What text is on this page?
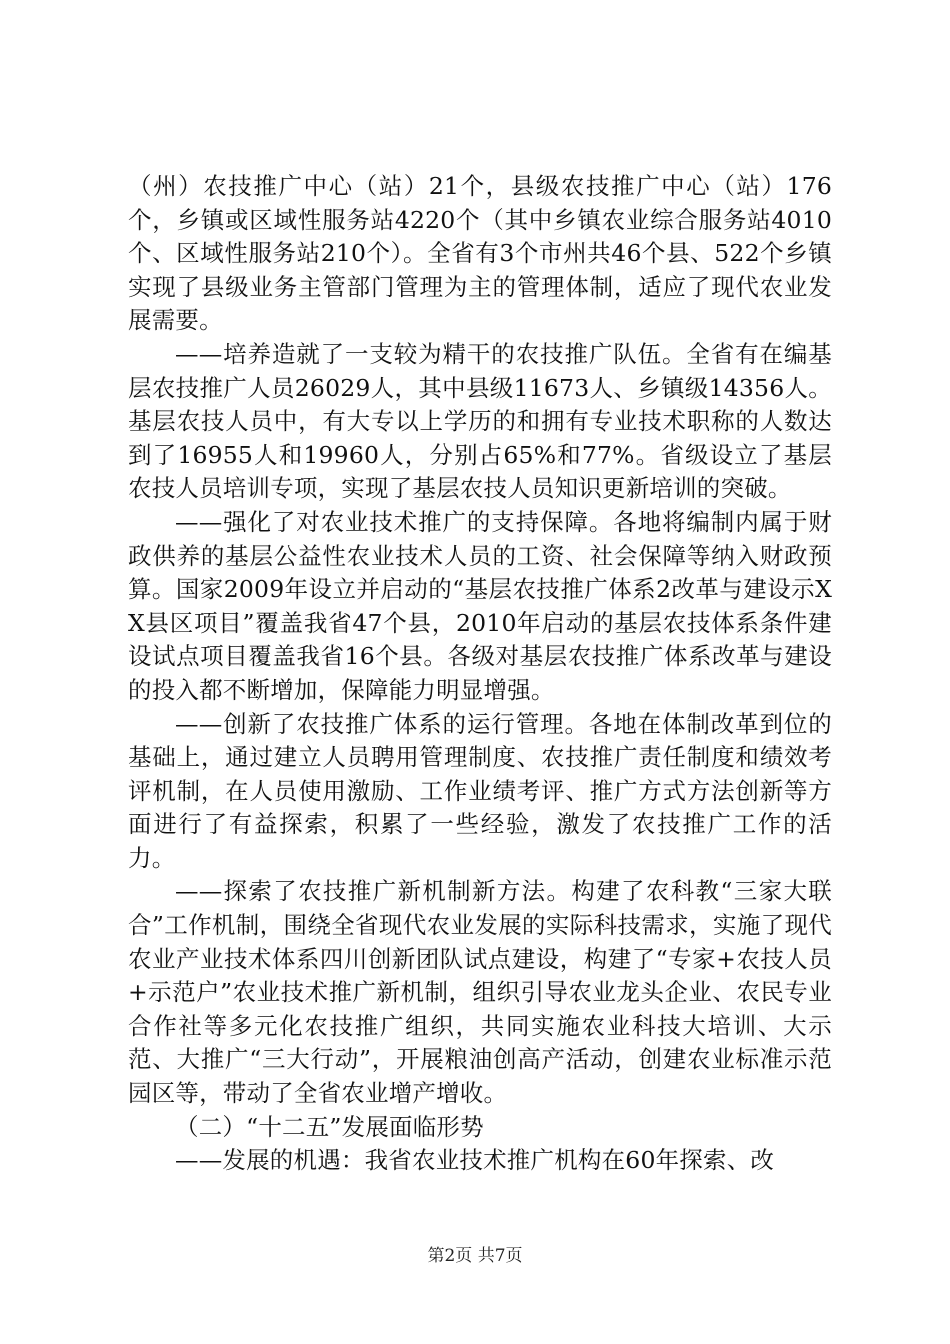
（州）农技推广中心（站）21个，县级农技推广中心（站）176个，乡镇或区域性服务站4220个（其中乡镇农业综合服务站4010个、区域性服务站210个）。全省有3个市州共46个县、522个乡镇实现了县级业务主管部门管理为主的管理体制，适应了现代农业发展需要。

——培养造就了一支较为精干的农技推广队伍。全省有在编基层农技推广人员26029人，其中县级11673人、乡镇级14356人。基层农技人员中，有大专以上学历的和拥有专业技术职称的人数达到了16955人和19960人，分别占65%和77%。省级设立了基层农技人员培训专项，实现了基层农技人员知识更新培训的突破。

——强化了对农业技术推广的支持保障。各地将编制内属于财政供养的基层公益性农业技术人员的工资、社会保障等纳入财政预算。国家2009年设立并启动的“基层农技推广体系2改革与建设示XX县区项目”覆盖我省47个县，2010年启动的基层农技体系条件建设试点项目覆盖我省16个县。各级对基层农技推广体系改革与建设的投入都不断增加，保障能力明显增强。

——创新了农技推广体系的运行管理。各地在体制改革到位的基础上，通过建立人员聘用管理制度、农技推广责任制度和绩效考评机制，在人员使用激励、工作业绩考评、推广方式方法创新等方面进行了有益探索，积累了一些经验，激发了农技推广工作的活力。

——探索了农技推广新机制新方法。构建了农科教“三家大联合”工作机制，围绕全省现代农业发展的实际科技需求，实施了现代农业产业技术体系四川创新团队试点建设，构建了“专家+农技人员+示范户”农业技术推广新机制，组织引导农业龙头企业、农民专业合作社等多元化农技推广组织，共同实施农业科技大培训、大示范、大推广“三大行动”，开展粮油创高产活动，创建农业标准示范园区等，带动了全省农业增产增收。

（二）“十二五”发展面临形势

——发展的机遇：我省农业技术推广机构在60年探索、改

第2页 共7页
